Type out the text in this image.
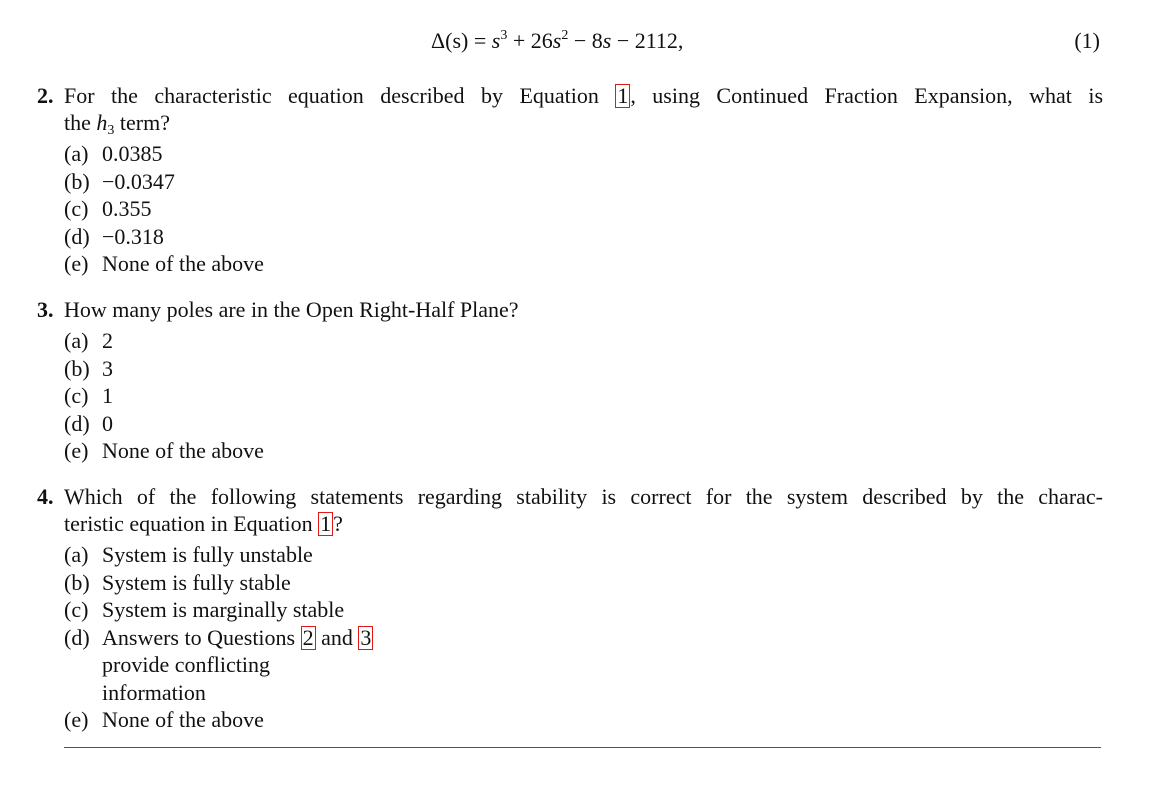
$\Delta(s) = s^3 + 26s^2 - 8s - 2112$,	(1)
2. For the characteristic equation described by Equation 1, using Continued Fraction Expansion, what is
the $h_3$ term?
(a) 0.0385
(b) −0.0347
(c) 0.355
(d) −0.318
(e) None of the above
3. How many poles are in the Open Right-Half Plane?
(a) 2
(b) 3
(c) 1
(d) 0
(e) None of the above
4. Which of the following statements regarding stability is correct for the system described by the charac-
teristic equation in Equation 1?
(a) System is fully unstable
(b) System is fully stable
(c) System is marginally stable
(d) Answers to Questions 2 and 3
provide conflicting
information
(e) None of the above
